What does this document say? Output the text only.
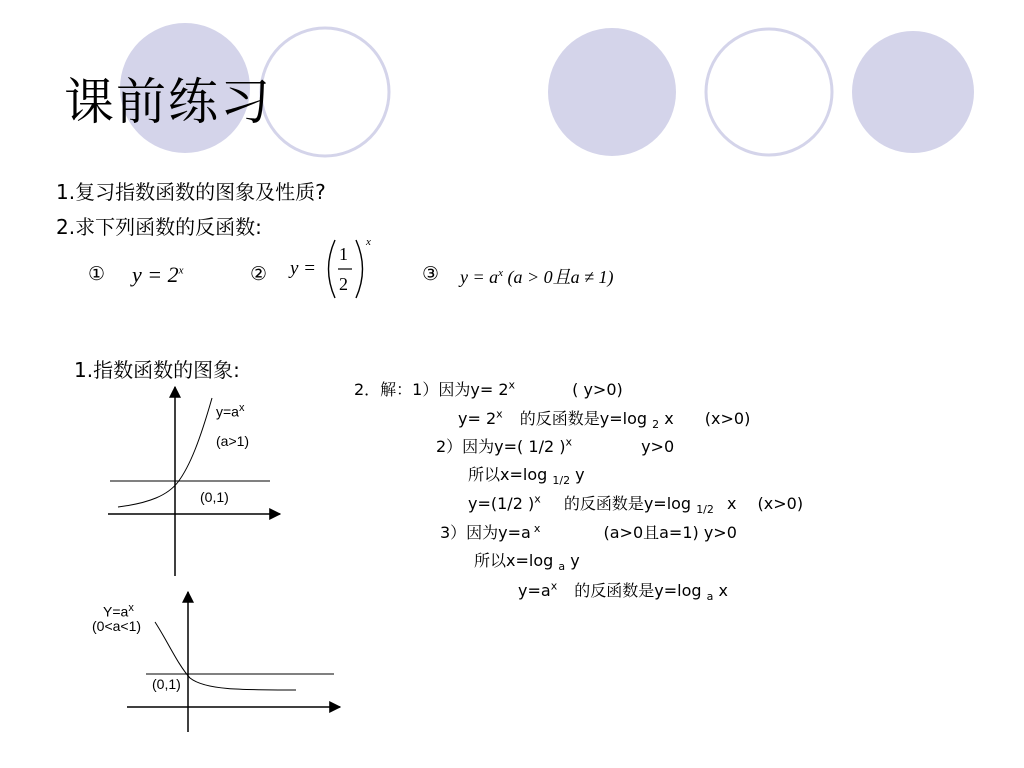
课前练习
1.复习指数函数的图象及性质?
2.求下列函数的反函数:
① $y = 2^x$	② y =
1
2
x
③ $y = a^x$ (a > 0且a ≠ 1)
1.指数函数的图象:
$y=a^x$
(a>1)
(0,1)
$Y=a^x$
(0<a<1)
(0,1)
2．解：1）因为$y= 2^x$	( y>0)
$y= 2^x$ 的反函数是y=log $_2$ x (x>0)
2）因为y=( 1/2 )$^x$	y>0
所以x=log $_{1/2}$ y
y=(1/2 )$^x$ 的反函数是y=log $_{1/2}$ x (x>0)
3）因为y=a $^x$	(a>0且a=1) y>0
所以x=log $_a$ y
$y=a^x$ 的反函数是y=log $_a$ x
